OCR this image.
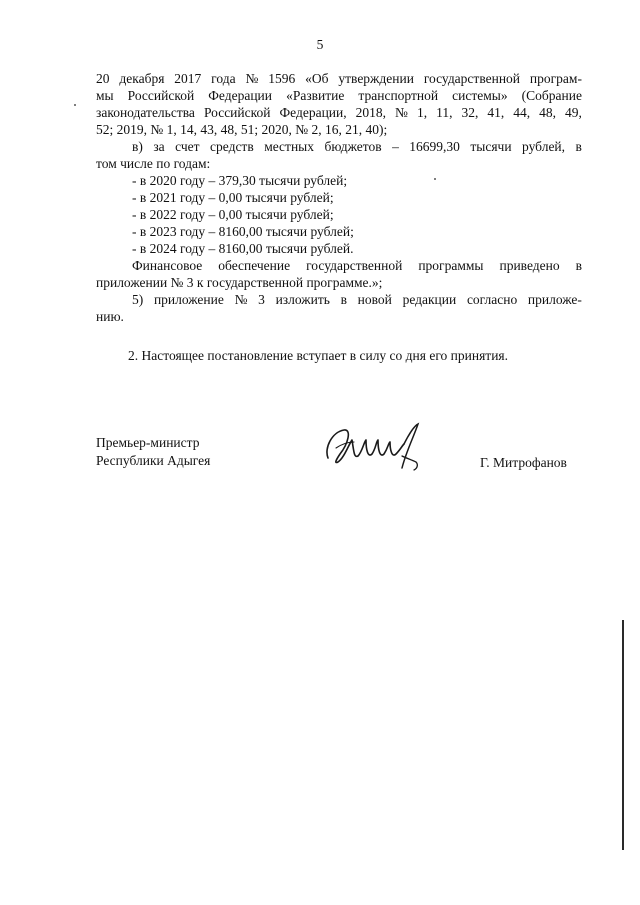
5
20 декабря 2017 года № 1596 «Об утверждении государственной програм-
мы Российской Федерации «Развитие транспортной системы» (Собрание
законодательства Российской Федерации, 2018, № 1, 11, 32, 41, 44, 48, 49,
52; 2019, № 1, 14, 43, 48, 51; 2020, № 2, 16, 21, 40);
в) за счет средств местных бюджетов – 16699,30 тысячи рублей, в
том числе по годам:
- в 2020 году – 379,30 тысячи рублей;
- в 2021 году – 0,00 тысячи рублей;
- в 2022 году – 0,00 тысячи рублей;
- в 2023 году – 8160,00 тысячи рублей;
- в 2024 году – 8160,00 тысячи рублей.
Финансовое обеспечение государственной программы приведено в
приложении № 3 к государственной программе.»;
5) приложение № 3 изложить в новой редакции согласно приложе-
нию.
2. Настоящее постановление вступает в силу со дня его принятия.
Премьер-министр
Республики Адыгея	Г. Митрофанов
